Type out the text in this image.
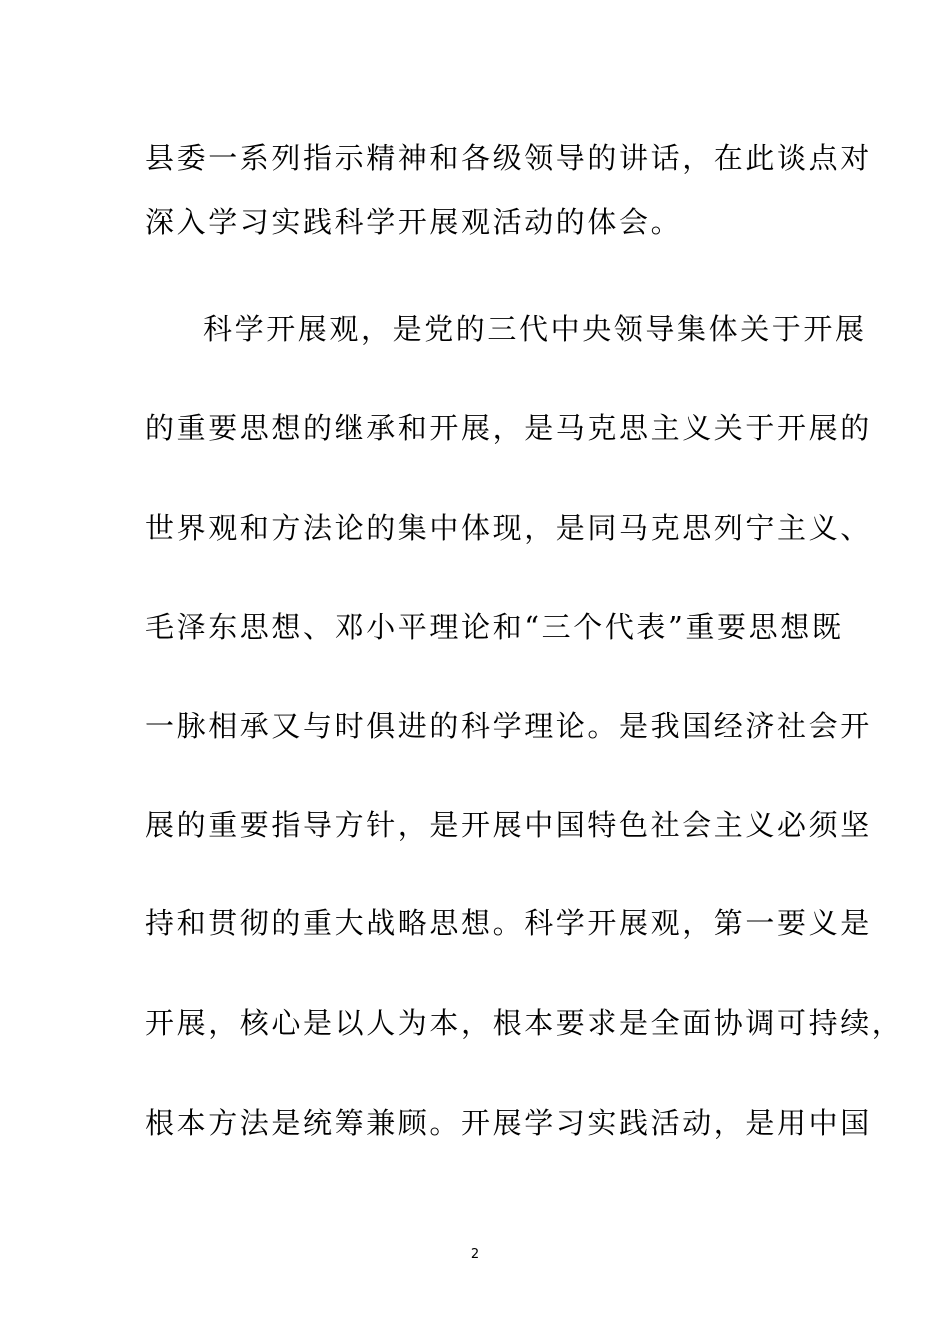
县委一系列指示精神和各级领导的讲话，在此谈点对
深入学习实践科学开展观活动的体会。
科学开展观，是党的三代中央领导集体关于开展
的重要思想的继承和开展，是马克思主义关于开展的
世界观和方法论的集中体现，是同马克思列宁主义、
毛泽东思想、邓小平理论和“三个代表”重要思想既
一脉相承又与时俱进的科学理论。是我国经济社会开
展的重要指导方针，是开展中国特色社会主义必须坚
持和贯彻的重大战略思想。科学开展观，第一要义是
开展，核心是以人为本，根本要求是全面协调可持续，
根本方法是统筹兼顾。开展学习实践活动，是用中国
2
